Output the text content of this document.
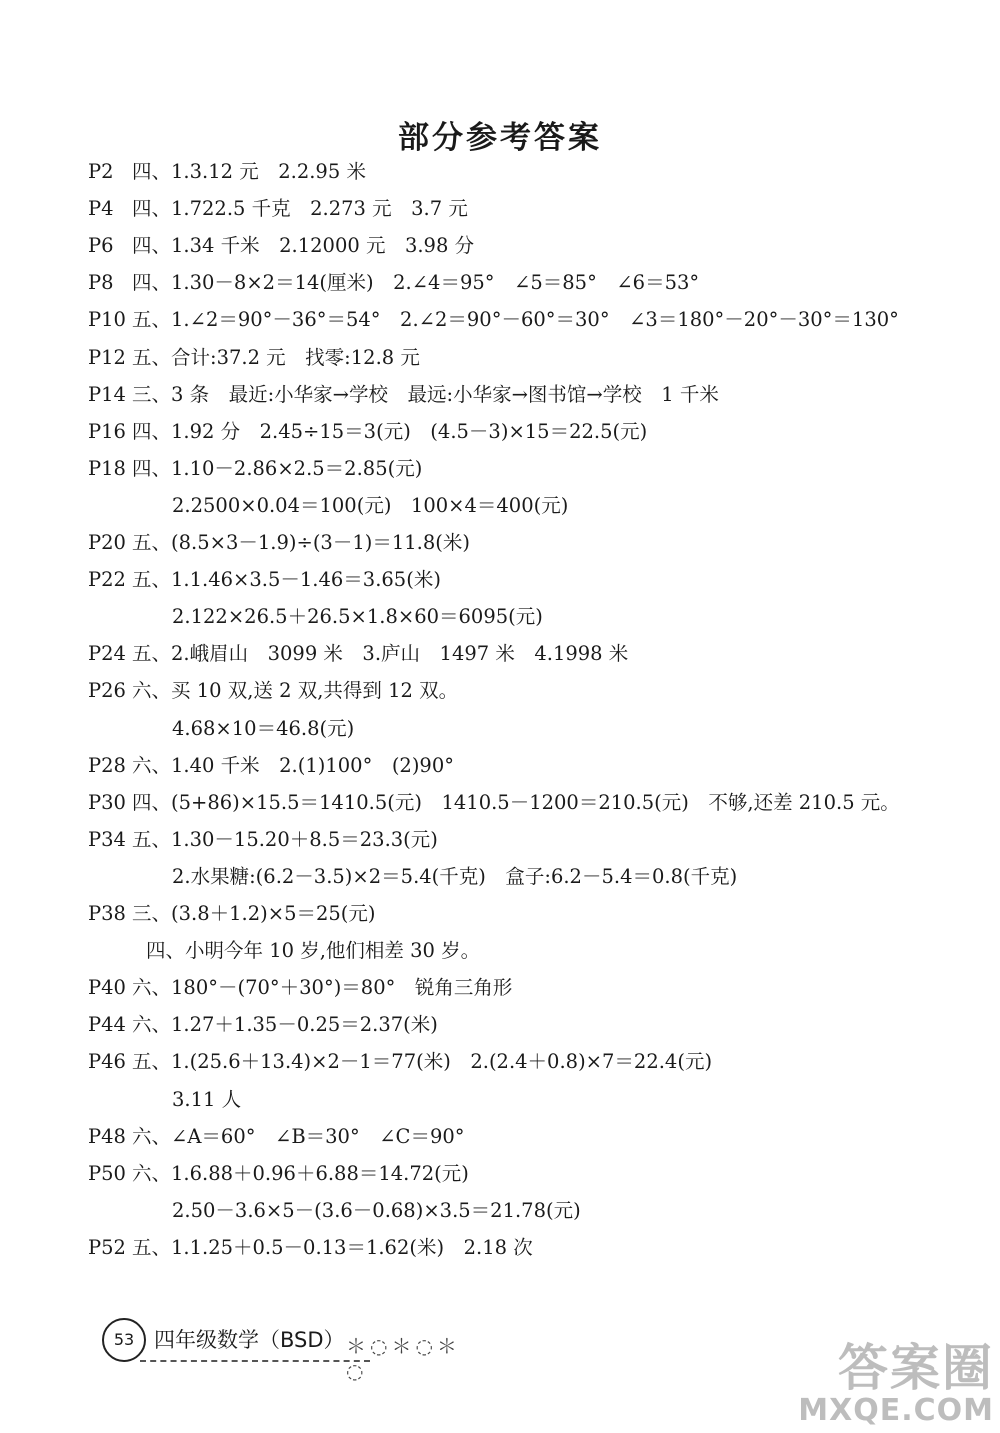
部分参考答案
P2 四、1.3.12 元　2.2.95 米
P4 四、1.722.5 千克　2.273 元　3.7 元
P6 四、1.34 千米　2.12000 元　3.98 分
P8 四、1.30－8×2＝14(厘米)　2.∠4＝95°　∠5＝85°　∠6＝53°
P10 五、1.∠2＝90°－36°＝54°　2.∠2＝90°－60°＝30°　∠3＝180°－20°－30°＝130°
P12 五、合计:37.2 元　找零:12.8 元
P14 三、3 条　最近:小华家→学校　最远:小华家→图书馆→学校　1 千米
P16 四、1.92 分　2.45÷15＝3(元)　(4.5－3)×15＝22.5(元)
P18 四、1.10－2.86×2.5＝2.85(元)
2.2500×0.04＝100(元)　100×4＝400(元)
P20 五、(8.5×3－1.9)÷(3－1)＝11.8(米)
P22 五、1.1.46×3.5－1.46＝3.65(米)
2.122×26.5＋26.5×1.8×60＝6095(元)
P24 五、2.峨眉山　3099 米　3.庐山　1497 米　4.1998 米
P26 六、买 10 双,送 2 双,共得到 12 双。
4.68×10＝46.8(元)
P28 六、1.40 千米　2.(1)100°　(2)90°
P30 四、(5+86)×15.5＝1410.5(元)　1410.5－1200＝210.5(元)　不够,还差 210.5 元。
P34 五、1.30－15.20＋8.5＝23.3(元)
2.水果糖:(6.2－3.5)×2＝5.4(千克)　盒子:6.2－5.4＝0.8(千克)
P38 三、(3.8＋1.2)×5＝25(元)
四、小明今年 10 岁,他们相差 30 岁。
P40 六、180°－(70°＋30°)＝80°　锐角三角形
P44 六、1.27＋1.35－0.25＝2.37(米)
P46 五、1.(25.6＋13.4)×2－1＝77(米)　2.(2.4＋0.8)×7＝22.4(元)
3.11 人
P48 六、∠A＝60°　∠B＝30°　∠C＝90°
P50 六、1.6.88＋0.96＋6.88＝14.72(元)
2.50－3.6×5－(3.6－0.68)×3.5＝21.78(元)
P52 五、1.1.25＋0.5－0.13＝1.62(米)　2.18 次
53 四年级数学（BSD） ＊◌＊◌＊◌	答案圈
MXQE.COM
